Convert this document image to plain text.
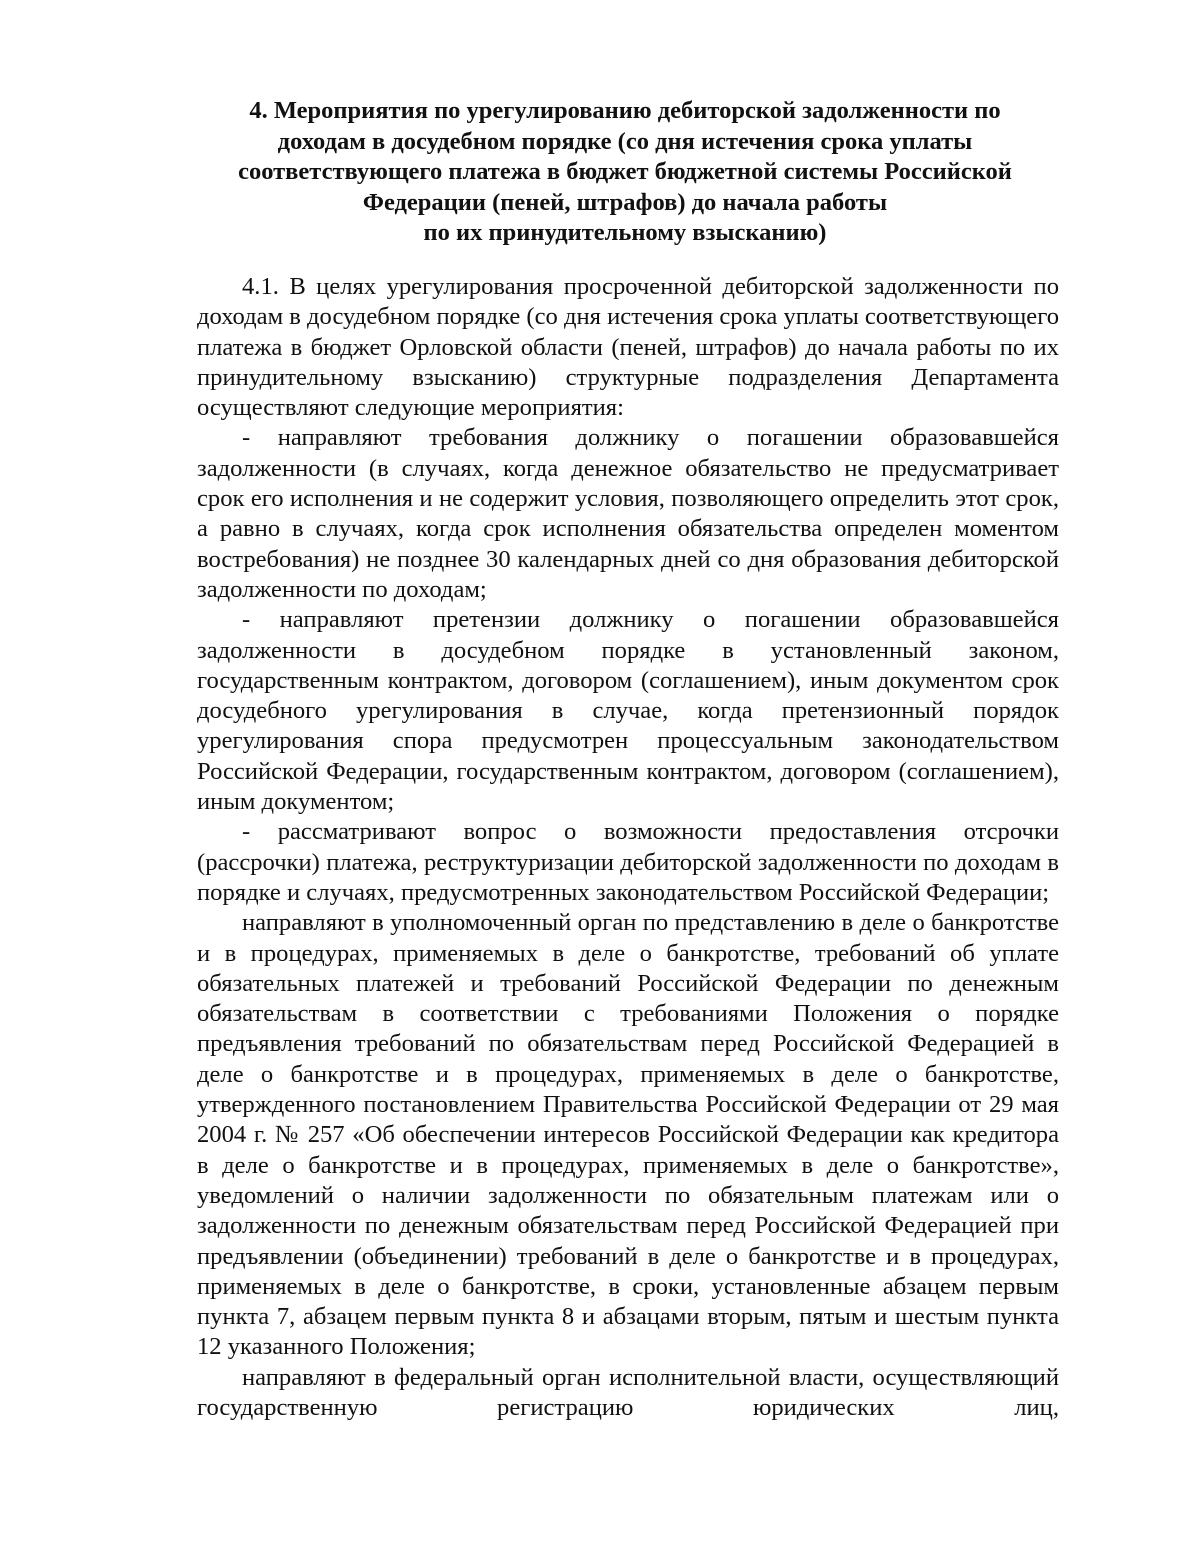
4. Мероприятия по урегулированию дебиторской задолженности по
доходам в досудебном порядке (со дня истечения срока уплаты
соответствующего платежа в бюджет бюджетной системы Российской
Федерации (пеней, штрафов) до начала работы
по их принудительному взысканию)

4.1. В целях урегулирования просроченной дебиторской задолженности по доходам в досудебном порядке (со дня истечения срока уплаты соответствующего платежа в бюджет Орловской области (пеней, штрафов) до начала работы по их принудительному взысканию) структурные подразделения Департамента осуществляют следующие мероприятия:

- направляют требования должнику о погашении образовавшейся задолженности (в случаях, когда денежное обязательство не предусматривает срок его исполнения и не содержит условия, позволяющего определить этот срок, а равно в случаях, когда срок исполнения обязательства определен моментом востребования) не позднее 30 календарных дней со дня образования дебиторской задолженности по доходам;

- направляют претензии должнику о погашении образовавшейся задолженности в досудебном порядке в установленный законом, государственным контрактом, договором (соглашением), иным документом срок досудебного урегулирования в случае, когда претензионный порядок урегулирования спора предусмотрен процессуальным законодательством Российской Федерации, государственным контрактом, договором (соглашением), иным документом;

- рассматривают вопрос о возможности предоставления отсрочки (рассрочки) платежа, реструктуризации дебиторской задолженности по доходам в порядке и случаях, предусмотренных законодательством Российской Федерации;

направляют в уполномоченный орган по представлению в деле о банкротстве и в процедурах, применяемых в деле о банкротстве, требований об уплате обязательных платежей и требований Российской Федерации по денежным обязательствам в соответствии с требованиями Положения о порядке предъявления требований по обязательствам перед Российской Федерацией в деле о банкротстве и в процедурах, применяемых в деле о банкротстве, утвержденного постановлением Правительства Российской Федерации от 29 мая 2004 г. № 257 «Об обеспечении интересов Российской Федерации как кредитора в деле о банкротстве и в процедурах, применяемых в деле о банкротстве», уведомлений о наличии задолженности по обязательным платежам или о задолженности по денежным обязательствам перед Российской Федерацией при предъявлении (объединении) требований в деле о банкротстве и в процедурах, применяемых в деле о банкротстве, в сроки, установленные абзацем первым пункта 7, абзацем первым пункта 8 и абзацами вторым, пятым и шестым пункта 12 указанного Положения;

направляют в федеральный орган исполнительной власти, осуществляющий государственную регистрацию юридических лиц,
